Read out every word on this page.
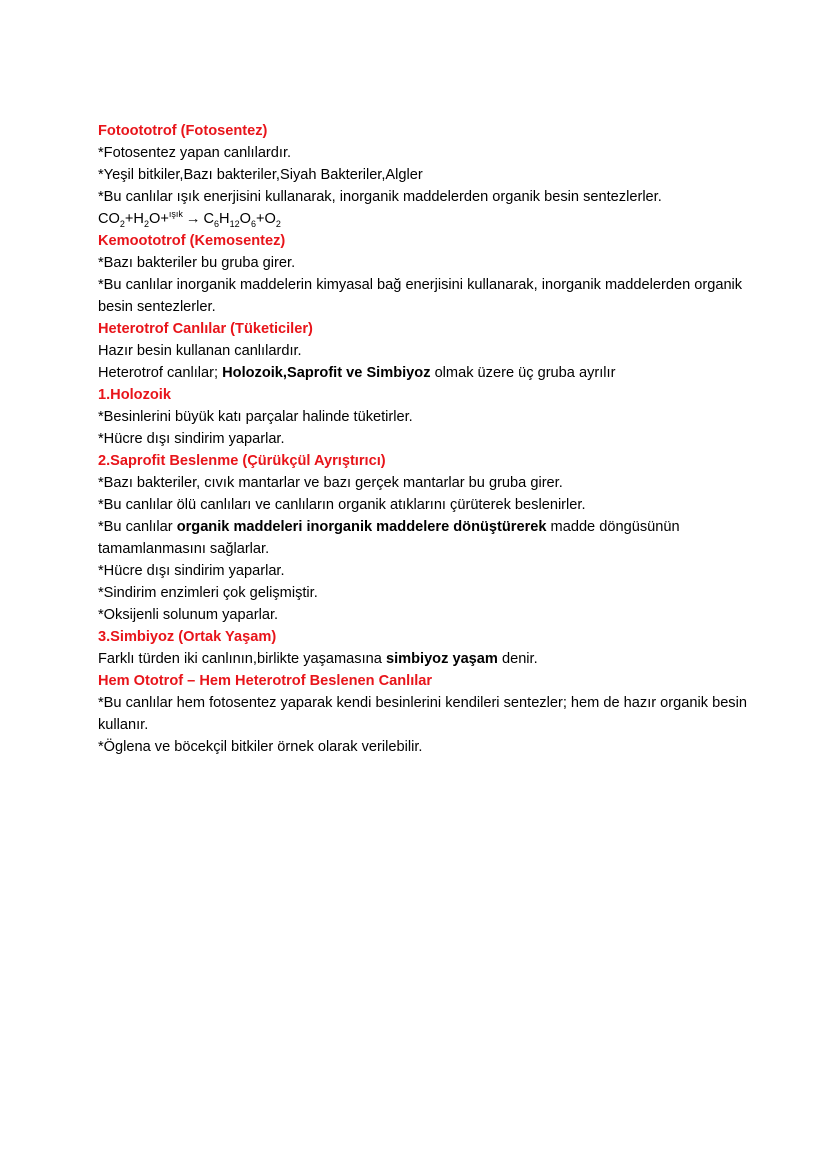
Fotoototrof (Fotosentez)
*Fotosentez yapan canlılardır.
*Yeşil bitkiler,Bazı bakteriler,Siyah Bakteriler,Algler
*Bu canlılar ışık enerjisini kullanarak, inorganik maddelerden organik besin sentezlerler.
$CO_2+H_2O+^{ışık} \to C_6H_{12}O_6+O_2$
Kemoototrof (Kemosentez)
*Bazı bakteriler bu gruba girer.
*Bu canlılar inorganik maddelerin kimyasal bağ enerjisini kullanarak, inorganik maddelerden organik besin sentezlerler.
Heterotrof Canlılar (Tüketiciler)
Hazır besin kullanan canlılardır.
Heterotrof canlılar; Holozoik,Saprofit ve Simbiyoz olmak üzere üç gruba ayrılır
1.Holozoik
*Besinlerini büyük katı parçalar halinde tüketirler.
*Hücre dışı sindirim yaparlar.
2.Saprofit Beslenme (Çürükçül Ayrıştırıcı)
*Bazı bakteriler, cıvık mantarlar ve bazı gerçek mantarlar bu gruba girer.
*Bu canlılar ölü canlıları ve canlıların organik atıklarını çürüterek beslenirler.
*Bu canlılar organik maddeleri inorganik maddelere dönüştürerek madde döngüsünün tamamlanmasını sağlarlar.
*Hücre dışı sindirim yaparlar.
*Sindirim enzimleri çok gelişmiştir.
*Oksijenli solunum yaparlar.
3.Simbiyoz (Ortak Yaşam)
Farklı türden iki canlının,birlikte yaşamasına simbiyoz yaşam denir.
Hem Ototrof – Hem Heterotrof Beslenen Canlılar
*Bu canlılar hem fotosentez yaparak kendi besinlerini kendileri sentezler; hem de hazır organik besin kullanır.
*Öglena ve böcekçil bitkiler örnek olarak verilebilir.
